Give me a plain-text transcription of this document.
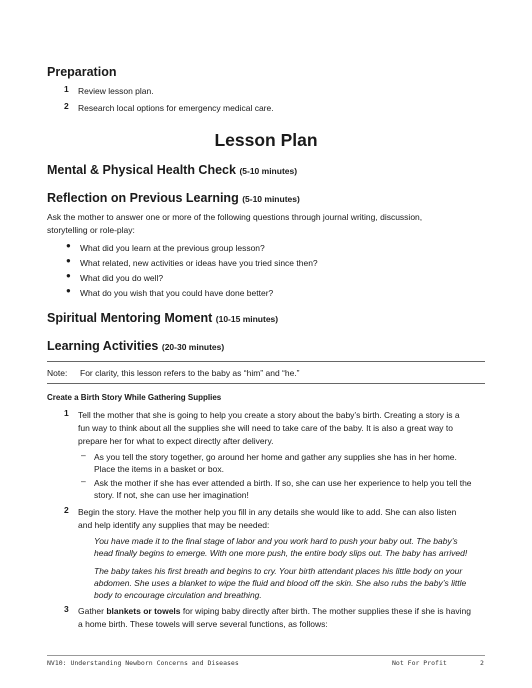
Preparation
1 Review lesson plan.
2 Research local options for emergency medical care.
Lesson Plan
Mental & Physical Health Check (5-10 minutes)
Reflection on Previous Learning (5-10 minutes)
Ask the mother to answer one or more of the following questions through journal writing, discussion,
storytelling or role-play:
● What did you learn at the previous group lesson?
● What related, new activities or ideas have you tried since then?
● What did you do well?
● What do you wish that you could have done better?
Spiritual Mentoring Moment (10-15 minutes)
Learning Activities (20-30 minutes)
Note: For clarity, this lesson refers to the baby as “him” and “he.”
Create a Birth Story While Gathering Supplies
1 Tell the mother that she is going to help you create a story about the baby’s birth. Creating a story is a
fun way to think about all the supplies she will need to take care of the baby. It is also a great way to
prepare her for what to expect directly after delivery.
– As you tell the story together, go around her home and gather any supplies she has in her home.
Place the items in a basket or box.
– Ask the mother if she has ever attended a birth. If so, she can use her experience to help you tell the
story. If not, she can use her imagination!
2 Begin the story. Have the mother help you fill in any details she would like to add. She can also listen
and help identify any supplies that may be needed:
You have made it to the final stage of labor and you work hard to push your baby out. The baby’s
head finally begins to emerge. With one more push, the entire body slips out. The baby has arrived!
The baby takes his first breath and begins to cry. Your birth attendant places his little body on your
abdomen. She uses a blanket to wipe the fluid and blood off the skin. She also rubs the baby’s little
body to encourage circulation and breathing.
3 Gather blankets or towels for wiping baby directly after birth. The mother supplies these if she is having
a home birth. These towels will serve several functions, as follows:
NV10: Understanding Newborn Concerns and Diseases	Not For Profit	2
